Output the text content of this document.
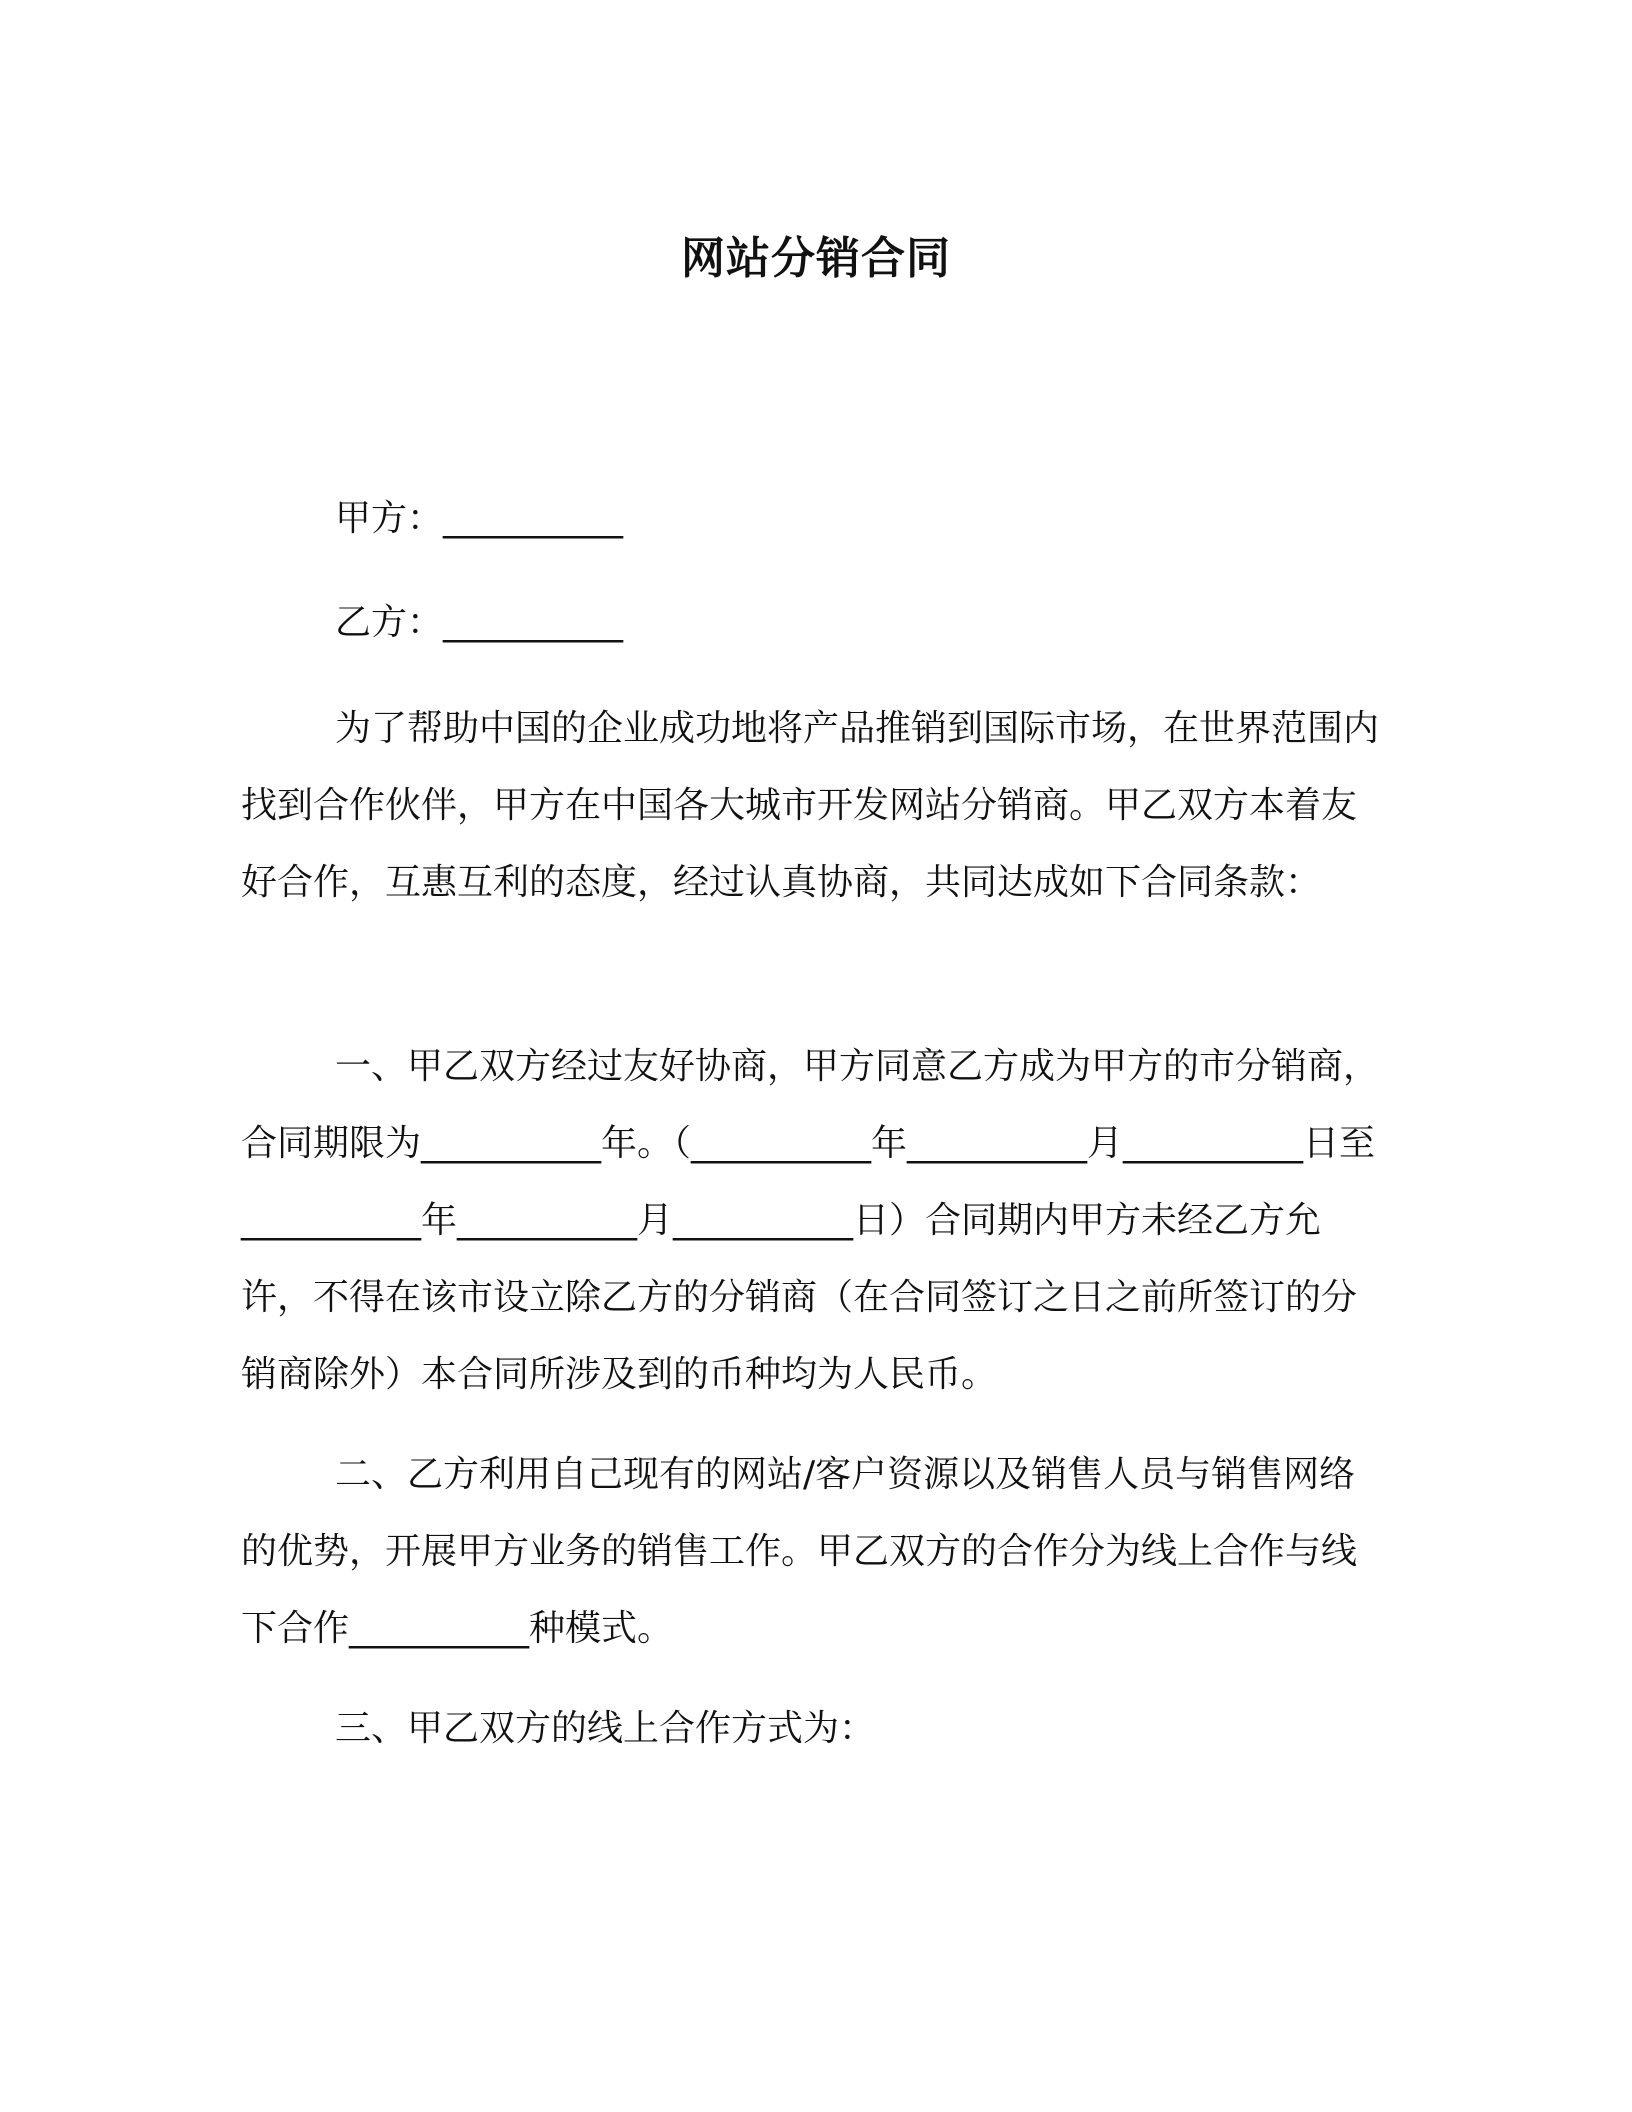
网站分销合同

甲方：__________

乙方：__________

为了帮助中国的企业成功地将产品推销到国际市场，在世界范围内找到合作伙伴，甲方在中国各大城市开发网站分销商。甲乙双方本着友好合作，互惠互利的态度，经过认真协商，共同达成如下合同条款：

一、甲乙双方经过友好协商，甲方同意乙方成为甲方的市分销商，合同期限为__________年。（__________年__________月__________日至__________年__________月__________日）合同期内甲方未经乙方允许，不得在该市设立除乙方的分销商（在合同签订之日之前所签订的分销商除外）本合同所涉及到的币种均为人民币。

二、乙方利用自己现有的网站/客户资源以及销售人员与销售网络的优势，开展甲方业务的销售工作。甲乙双方的合作分为线上合作与线下合作__________种模式。

三、甲乙双方的线上合作方式为：
